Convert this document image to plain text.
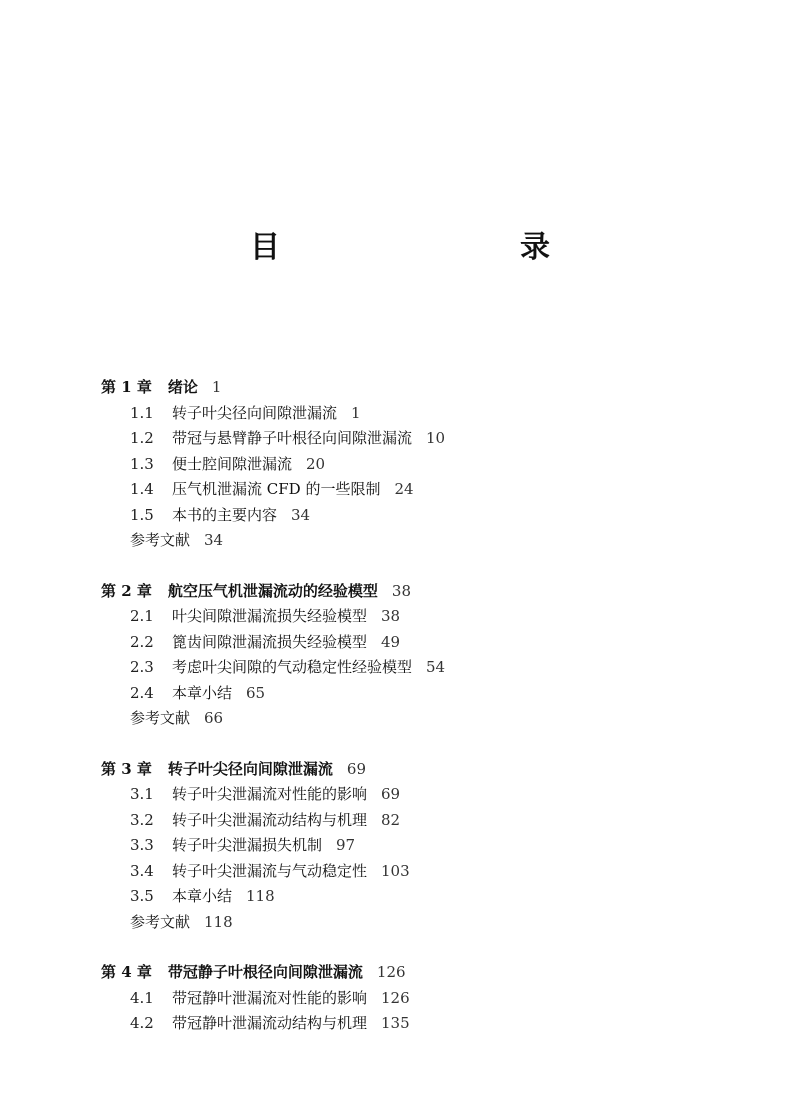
目　　录
第 1 章 绪论 1
1.1 转子叶尖径向间隙泄漏流 1
1.2 带冠与悬臂静子叶根径向间隙泄漏流 10
1.3 便士腔间隙泄漏流 20
1.4 压气机泄漏流 CFD 的一些限制 24
1.5 本书的主要内容 34
参考文献 34
第 2 章 航空压气机泄漏流动的经验模型 38
2.1 叶尖间隙泄漏流损失经验模型 38
2.2 篦齿间隙泄漏流损失经验模型 49
2.3 考虑叶尖间隙的气动稳定性经验模型 54
2.4 本章小结 65
参考文献 66
第 3 章 转子叶尖径向间隙泄漏流 69
3.1 转子叶尖泄漏流对性能的影响 69
3.2 转子叶尖泄漏流动结构与机理 82
3.3 转子叶尖泄漏损失机制 97
3.4 转子叶尖泄漏流与气动稳定性 103
3.5 本章小结 118
参考文献 118
第 4 章 带冠静子叶根径向间隙泄漏流 126
4.1 带冠静叶泄漏流对性能的影响 126
4.2 带冠静叶泄漏流动结构与机理 135
